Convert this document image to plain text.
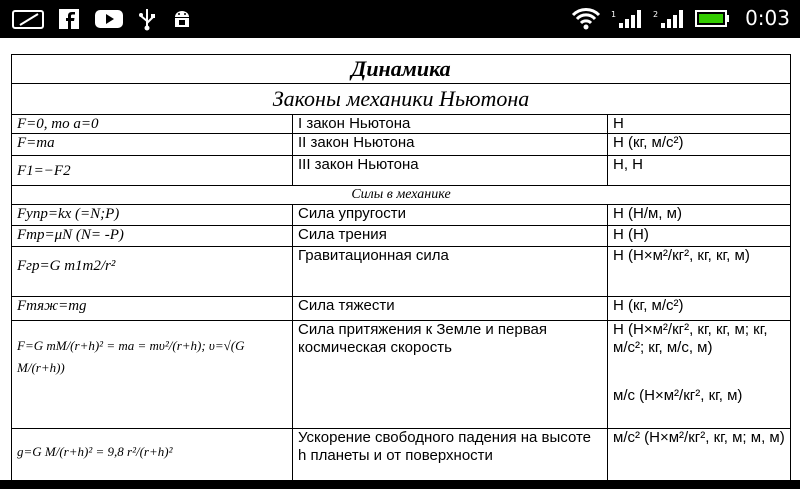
1	2	0:03
Динамика		
Законы механики Ньютона		
F=0, то a=0	I закон Ньютона	Н
F=ma	II закон Ньютона	Н (кг, м/с²)
F1=−F2	III закон Ньютона	Н, Н
Силы в механике		
Fупр=kx (=N;P)	Сила упругости	Н (Н/м, м)
Fтр=μN (N= -P)	Сила трения	Н (Н)
Fгр=G m1m2/r²	Гравитационная сила	Н (Н×м²/кг², кг, кг, м)
Fтяж=mg	Сила тяжести	Н (кг, м/с²)
F=G mM/(r+h)² = ma = mυ²/(r+h); υ=√(G M/(r+h))	Сила притяжения к Земле и первая космическая скорость	Н (Н×м²/кг², кг, кг, м; кг, м/с²; кг, м/с, м)
м/с (Н×м²/кг², кг, м)

g=G M/(r+h)² = 9,8 r²/(r+h)²	Ускорение свободного падения на высоте h планеты и от поверхности	м/с² (Н×м²/кг², кг, м; м, м)
